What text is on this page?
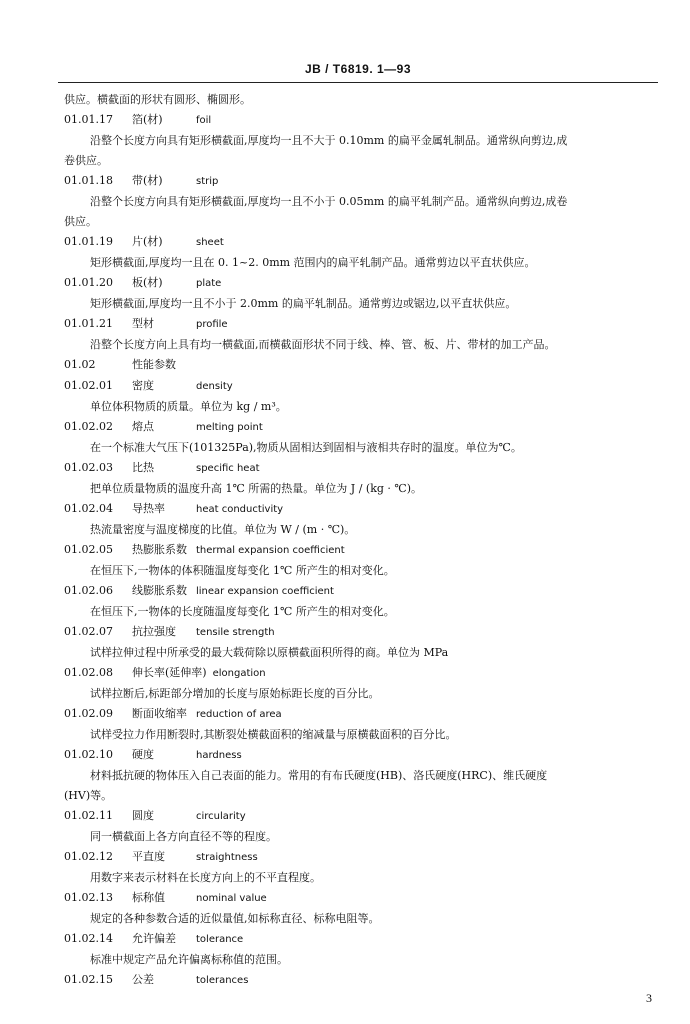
JB / T6819. 1—93
供应。横截面的形状有圆形、椭圆形。
01.01.17 箔(材)	foil
沿整个长度方向具有矩形横截面,厚度均一且不大于 0.10mm 的扁平金属轧制品。通常纵向剪边,成
卷供应。
01.01.18 带(材)	strip
沿整个长度方向具有矩形横截面,厚度均一且不小于 0.05mm 的扁平轧制产品。通常纵向剪边,成卷
供应。
01.01.19 片(材)	sheet
矩形横截面,厚度均一且在 0. 1~2. 0mm 范围内的扁平轧制产品。通常剪边以平直状供应。
01.01.20 板(材)	plate
矩形横截面,厚度均一且不小于 2.0mm 的扁平轧制品。通常剪边或锯边,以平直状供应。
01.01.21 型材	profile
沿整个长度方向上具有均一横截面,而横截面形状不同于线、棒、管、板、片、带材的加工产品。
01.02	性能参数
01.02.01 密度	density
单位体积物质的质量。单位为 kg / m³。
01.02.02 熔点	melting point
在一个标准大气压下(101325Pa),物质从固相达到固相与液相共存时的温度。单位为℃。
01.02.03 比热	specific heat
把单位质量物质的温度升高 1℃ 所需的热量。单位为 J / (kg · ℃)。
01.02.04 导热率	heat conductivity
热流量密度与温度梯度的比值。单位为 W / (m · ℃)。
01.02.05 热膨胀系数 thermal expansion coefficient
在恒压下,一物体的体积随温度每变化 1℃ 所产生的相对变化。
01.02.06 线膨胀系数 linear expansion coefficient
在恒压下,一物体的长度随温度每变化 1℃ 所产生的相对变化。
01.02.07 抗拉强度 tensile strength
试样拉伸过程中所承受的最大载荷除以原横截面积所得的商。单位为 MPa
01.02.08 伸长率(延伸率) elongation
试样拉断后,标距部分增加的长度与原始标距长度的百分比。
01.02.09 断面收缩率 reduction of area
试样受拉力作用断裂时,其断裂处横截面积的缩减量与原横截面积的百分比。
01.02.10 硬度	hardness
材料抵抗硬的物体压入自己表面的能力。常用的有布氏硬度(HB)、洛氏硬度(HRC)、维氏硬度
(HV)等。
01.02.11 圆度	circularity
同一横截面上各方向直径不等的程度。
01.02.12 平直度	straightness
用数字来表示材料在长度方向上的不平直程度。
01.02.13 标称值	nominal value
规定的各种参数合适的近似量值,如标称直径、标称电阻等。
01.02.14 允许偏差 tolerance
标准中规定产品允许偏离标称值的范围。
01.02.15 公差	tolerances
3
